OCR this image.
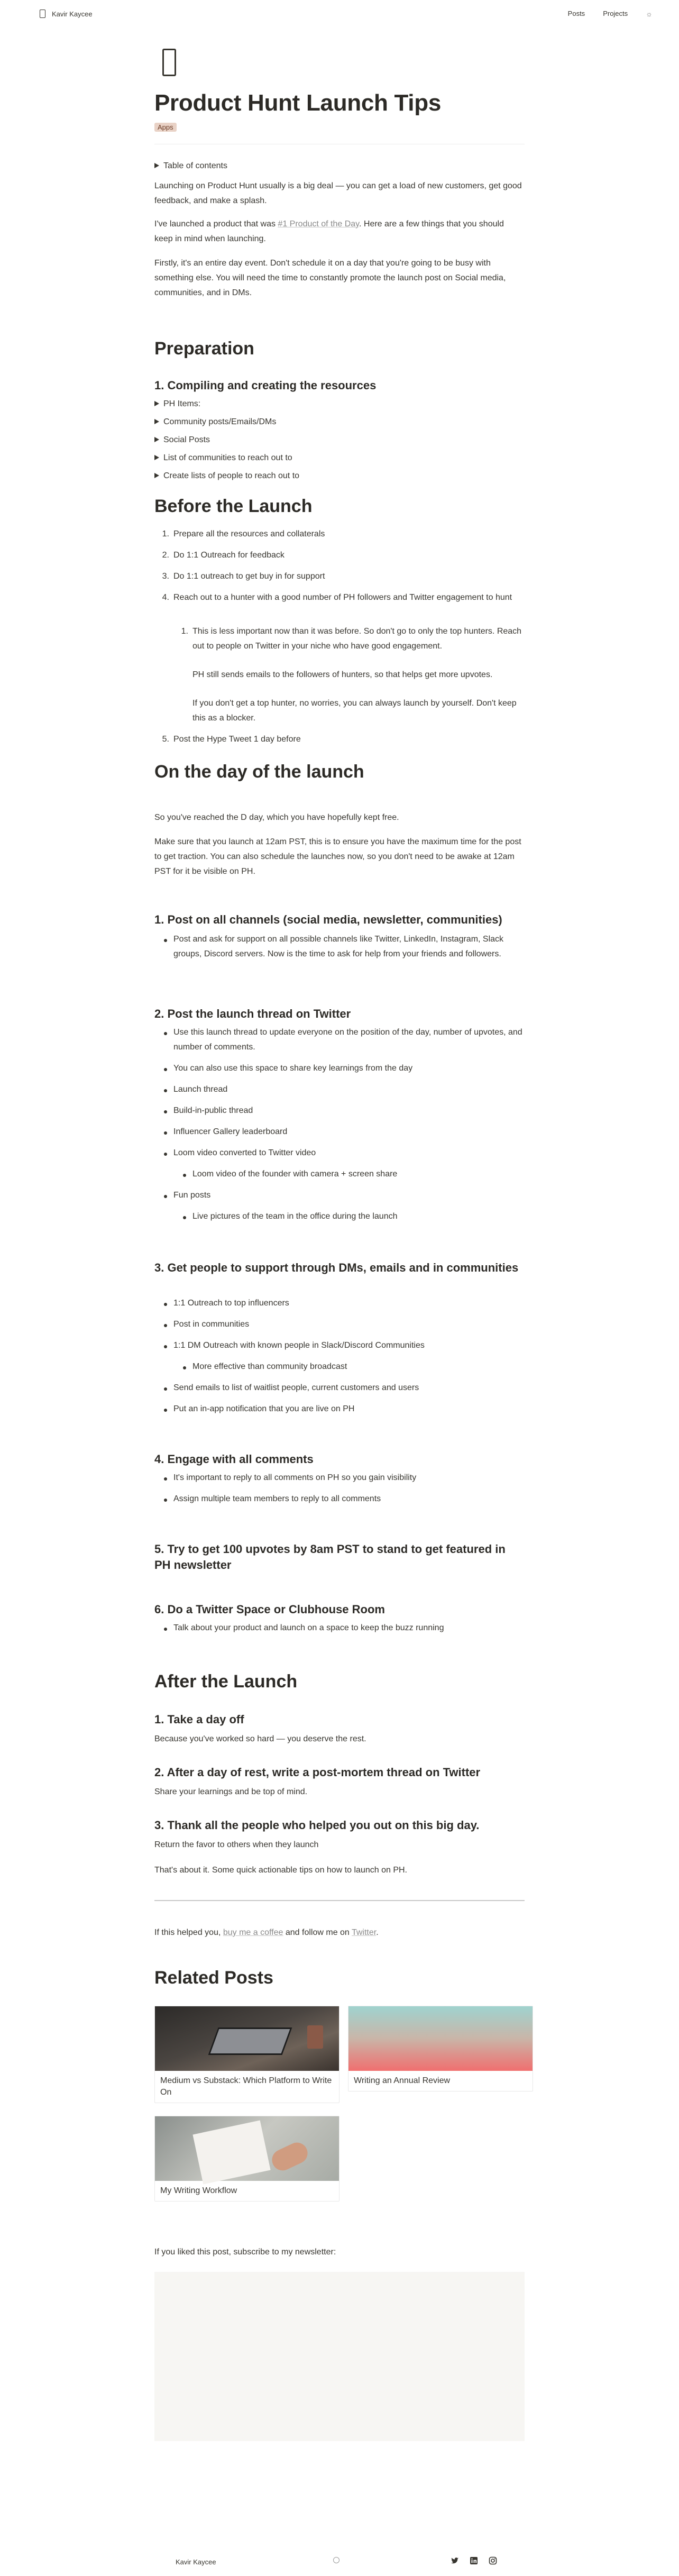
Kavir Kaycee	Posts	Projects ☼
Product Hunt Launch Tips
Apps
Table of contents

Launching on Product Hunt usually is a big deal — you can get a load of new customers, get good feedback, and make a splash.

I've launched a product that was #1 Product of the Day. Here are a few things that you should keep in mind when launching.

Firstly, it's an entire day event. Don't schedule it on a day that you're going to be busy with something else. You will need the time to constantly promote the launch post on Social media, communities, and in DMs.

Preparation
1. Compiling and creating the resources
PH Items:
Community posts/Emails/DMs
Social Posts
List of communities to reach out to
Create lists of people to reach out to
Before the Launch
1. Prepare all the resources and collaterals
2. Do 1:1 Outreach for feedback
3. Do 1:1 outreach to get buy in for support
4. Reach out to a hunter with a good number of PH followers and Twitter engagement to hunt
1. This is less important now than it was before. So don't go to only the top hunters. Reach out to people on Twitter in your niche who have good engagement.
PH still sends emails to the followers of hunters, so that helps get more upvotes.
If you don't get a top hunter, no worries, you can always launch by yourself. Don't keep this as a blocker.
5. Post the Hype Tweet 1 day before
On the day of the launch

So you've reached the D day, which you have hopefully kept free.

Make sure that you launch at 12am PST, this is to ensure you have the maximum time for the post to get traction. You can also schedule the launches now, so you don't need to be awake at 12am PST for it be visible on PH.

1. Post on all channels (social media, newsletter, communities)
Post and ask for support on all possible channels like Twitter, LinkedIn, Instagram, Slack groups, Discord servers. Now is the time to ask for help from your friends and followers.
2. Post the launch thread on Twitter
Use this launch thread to update everyone on the position of the day, number of upvotes, and number of comments.
You can also use this space to share key learnings from the day
Launch thread
Build-in-public thread
Influencer Gallery leaderboard
Loom video converted to Twitter video
Loom video of the founder with camera + screen share
Fun posts
Live pictures of the team in the office during the launch
3. Get people to support through DMs, emails and in communities
1:1 Outreach to top influencers
Post in communities
1:1 DM Outreach with known people in Slack/Discord Communities
More effective than community broadcast
Send emails to list of waitlist people, current customers and users
Put an in-app notification that you are live on PH
4. Engage with all comments
It's important to reply to all comments on PH so you gain visibility
Assign multiple team members to reply to all comments
5. Try to get 100 upvotes by 8am PST to stand to get featured in PH newsletter
6. Do a Twitter Space or Clubhouse Room
Talk about your product and launch on a space to keep the buzz running
After the Launch
1. Take a day off

Because you've worked so hard — you deserve the rest.

2. After a day of rest, write a post-mortem thread on Twitter

Share your learnings and be top of mind.

3. Thank all the people who helped you out on this big day.

Return the favor to others when they launch

That's about it. Some quick actionable tips on how to launch on PH.

If this helped you, buy me a coffee and follow me on Twitter.

Related Posts
Medium vs Substack: Which Platform to Write On
Writing an Annual Review
My Writing Workflow

If you liked this post, subscribe to my newsletter:

Kavir Kaycee
